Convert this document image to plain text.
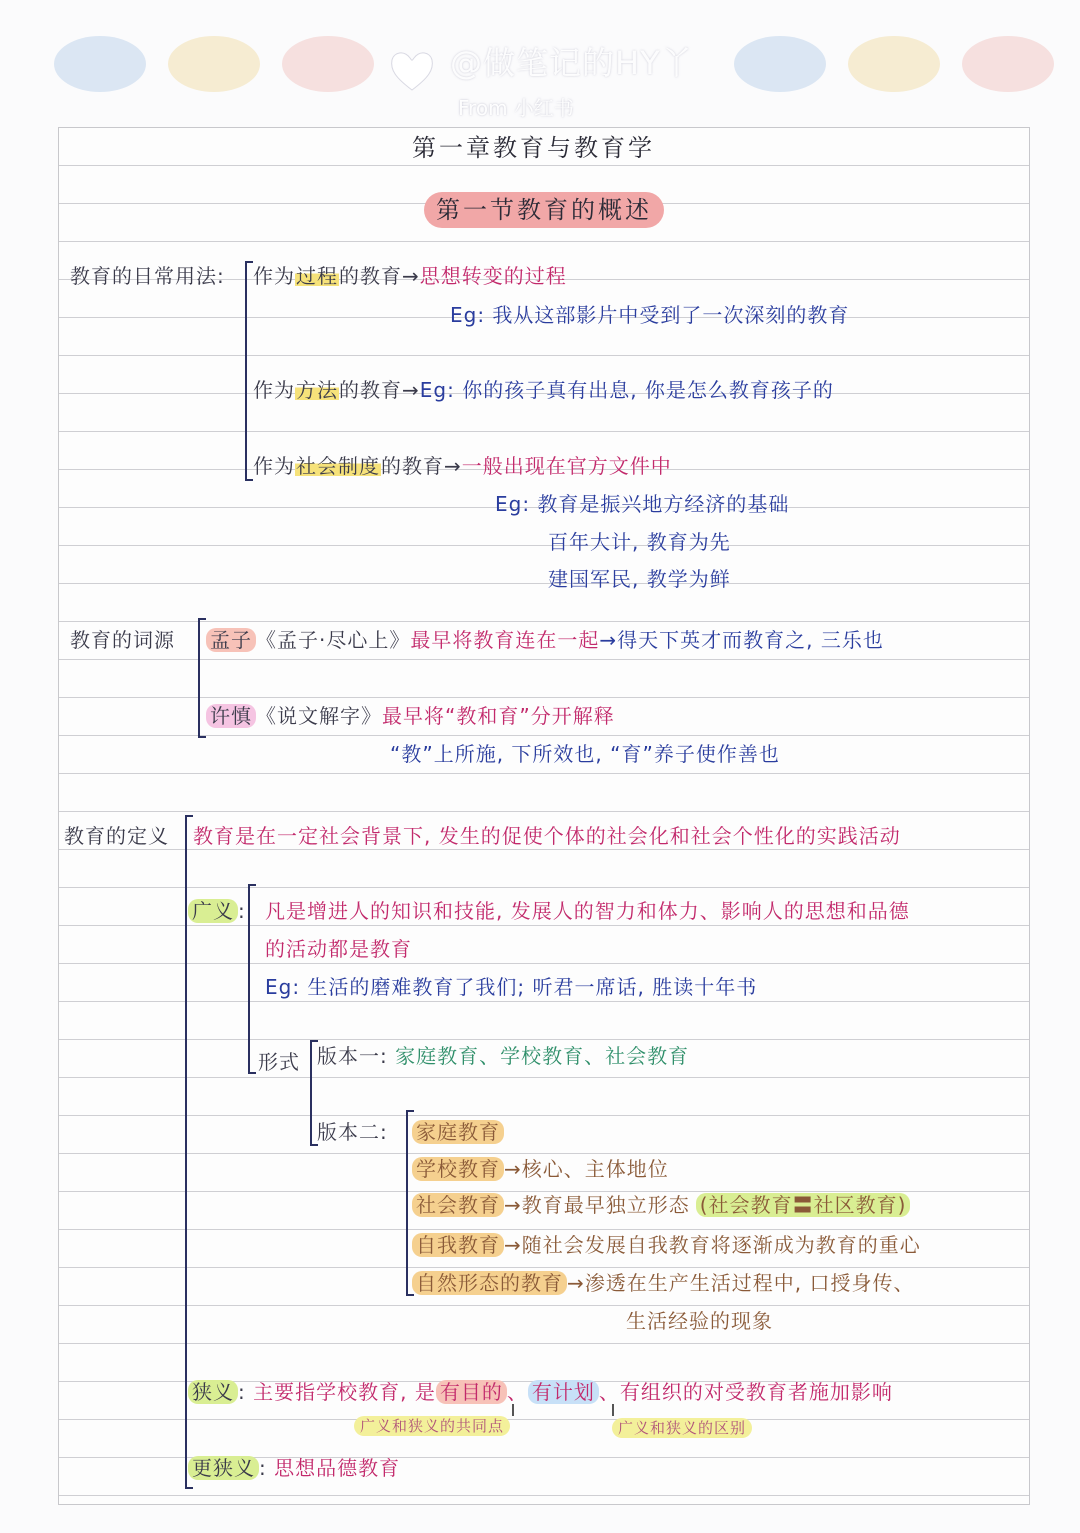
@做笔记的HY丫
From 小红书
第一章教育与教育学
第一节教育的概述
教育的日常用法: 作为过程的教育→思想转变的过程
Eg: 我从这部影片中受到了一次深刻的教育
作为方法的教育→Eg: 你的孩子真有出息, 你是怎么教育孩子的
作为社会制度的教育→一般出现在官方文件中
Eg: 教育是振兴地方经济的基础
百年大计, 教育为先
建国军民, 教学为鲜
教育的词源 孟子 《孟子·尽心上》最早将教育连在一起→得天下英才而教育之, 三乐也
许慎 《说文解字》最早将“教和育”分开解释
“教”上所施, 下所效也, “育”养子使作善也
教育的定义 教育是在一定社会背景下, 发生的促使个体的社会化和社会个性化的实践活动
广义 : 凡是增进人的知识和技能, 发展人的智力和体力、影响人的思想和品德
的活动都是教育
Eg: 生活的磨难教育了我们; 听君一席话, 胜读十年书
形式 版本一: 家庭教育、学校教育、社会教育
版本二: 家庭教育
学校教育 →核心、主体地位
社会教育 →教育最早独立形态 (社会教育〓社区教育)
自我教育 →随社会发展自我教育将逐渐成为教育的重心
自然形态的教育 →渗透在生产生活过程中, 口授身传、
生活经验的现象
狭义 : 主要指学校教育, 是 有目的 、 有计划 、有组织的对受教育者施加影响
广义和狭义的共同点	广义和狭义的区别
更狭义 : 思想品德教育
